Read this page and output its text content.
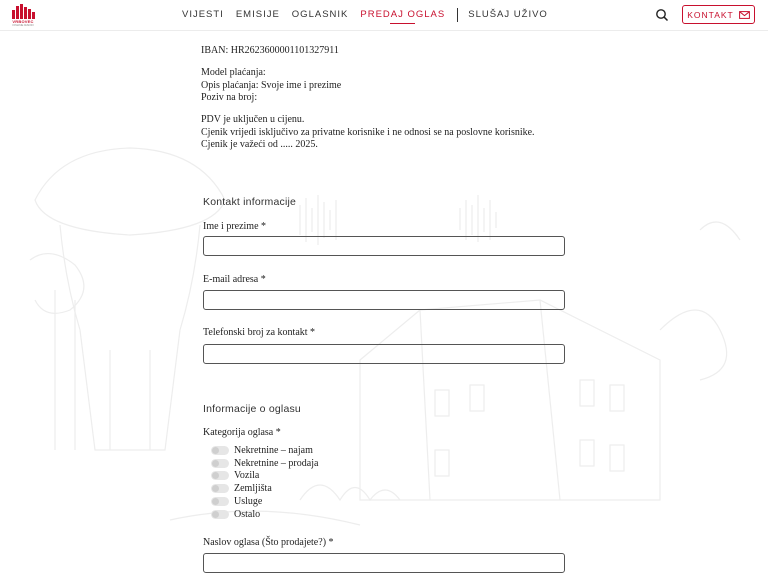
VRBOVEC
ONLINE RADIO
VIJESTI EMISIJE OGLASNIK PREDAJ OGLAS SLUŠAJ UŽIVO	KONTAKT

IBAN: HR2623600001101327911

Model plaćanja:

Opis plaćanja: Svoje ime i prezime

Poziv na broj:

PDV je uključen u cijenu.

Cjenik vrijedi isključivo za privatne korisnike i ne odnosi se na poslovne korisnike.

Cjenik je važeći od ..... 2025.

Kontakt informacije
Ime i prezime *
E-mail adresa *
Telefonski broj za kontakt *
Informacije o oglasu
Kategorija oglasa *
Nekretnine – najam
Nekretnine – prodaja
Vozila
Zemljišta
Usluge
Ostalo
Naslov oglasa (Što prodajete?) *
